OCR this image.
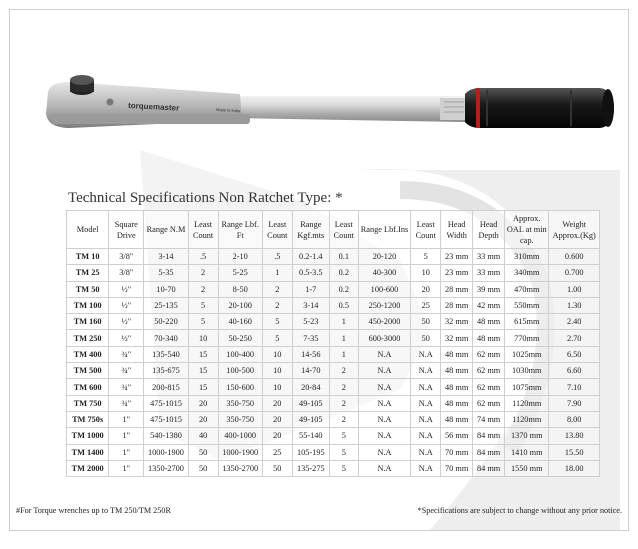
torquemaster	Made in India
Technical Specifications Non Ratchet Type: *
Model	Square Drive	Range N.M	Least Count	Range Lbf. Ft	Least Count	Range Kgf.mts	Least Count	Range Lbf.Ins	Least Count	Head Width	Head Depth	Approx. OAL at min cap.	Weight Approx.(Kg)
TM 10	3/8"	3-14	.5	2-10	.5	0.2-1.4	0.1	20-120	5	23 mm	33 mm	310mm	0.600
TM 25	3/8"	5-35	2	5-25	1	0.5-3.5	0.2	40-300	10	23 mm	33 mm	340mm	0.700
TM 50	½"	10-70	2	8-50	2	1-7	0.2	100-600	20	28 mm	39 mm	470mm	1.00
TM 100	½"	25-135	5	20-100	2	3-14	0.5	250-1200	25	28 mm	42 mm	550mm	1.30
TM 160	½"	50-220	5	40-160	5	5-23	1	450-2000	50	32 mm	48 mm	615mm	2.40
TM 250	½"	70-340	10	50-250	5	7-35	1	600-3000	50	32 mm	48 mm	770mm	2.70
TM 400	¾"	135-540	15	100-400	10	14-56	1	N.A	N.A	48 mm	62 mm	1025mm	6.50
TM 500	¾"	135-675	15	100-500	10	14-70	2	N.A	N.A	48 mm	62 mm	1030mm	6.60
TM 600	¾"	200-815	15	150-600	10	20-84	2	N.A	N.A	48 mm	62 mm	1075mm	7.10
TM 750	¾"	475-1015	20	350-750	20	49-105	2	N.A	N.A	48 mm	62 mm	1120mm	7.90
TM 750s	1"	475-1015	20	350-750	20	49-105	2	N.A	N.A	48 mm	74 mm	1120mm	8.00
TM 1000	1"	540-1380	40	400-1000	20	55-140	5	N.A	N.A	56 mm	84 mm	1370 mm	13.80
TM 1400	1"	1000-1900	50	1000-1900	25	105-195	5	N.A	N.A	70 mm	84 mm	1410 mm	15.50
TM 2000	1"	1350-2700	50	1350-2700	50	135-275	5	N.A	N.A	70 mm	84 mm	1550 mm	18.00
#For Torque wrenches up to TM 250/TM 250R	*Specifications are subject to change without any prior notice.
